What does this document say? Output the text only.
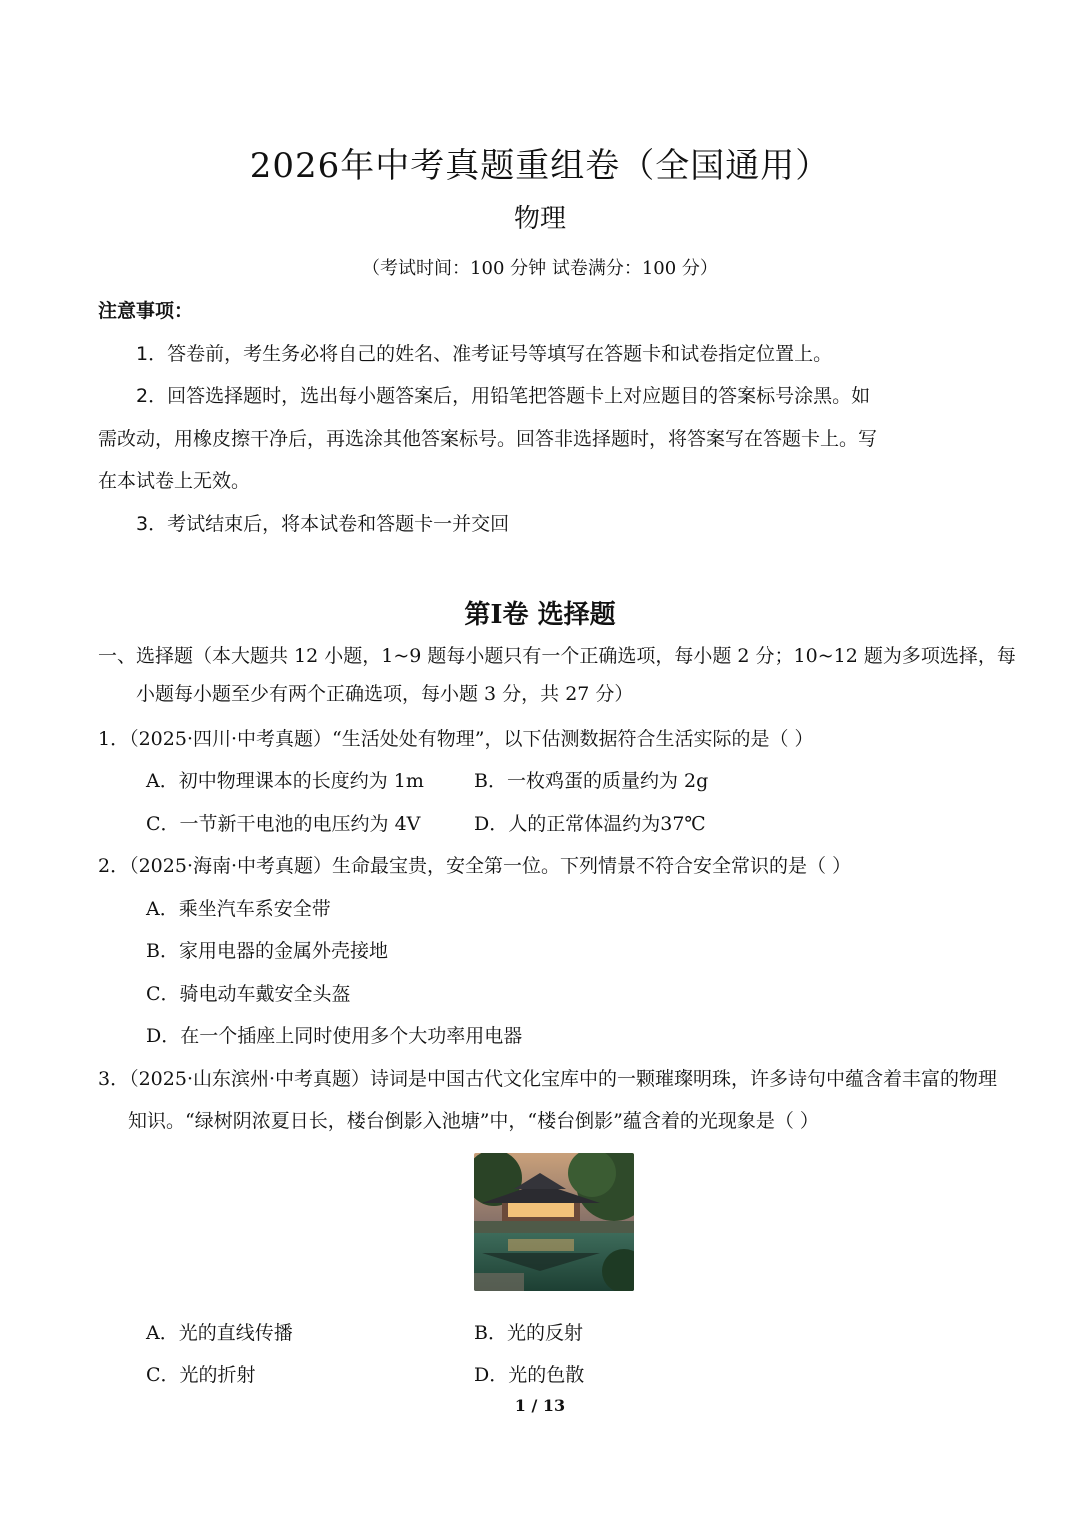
2026年中考真题重组卷（全国通用）
物理
（考试时间：100 分钟 试卷满分：100 分）
注意事项：
1．答卷前，考生务必将自己的姓名、准考证号等填写在答题卡和试卷指定位置上。
2．回答选择题时，选出每小题答案后，用铅笔把答题卡上对应题目的答案标号涂黑。如
需改动，用橡皮擦干净后，再选涂其他答案标号。回答非选择题时，将答案写在答题卡上。写
在本试卷上无效。
3．考试结束后，将本试卷和答题卡一并交回
第I卷 选择题
一、选择题（本大题共 12 小题，1~9 题每小题只有一个正确选项，每小题 2 分；10~12 题为多项选择，每
小题每小题至少有两个正确选项，每小题 3 分，共 27 分）
1．（2025·四川·中考真题）“生活处处有物理”，以下估测数据符合生活实际的是（ ）
A．初中物理课本的长度约为 1m	B．一枚鸡蛋的质量约为 2g
C．一节新干电池的电压约为 4V	D．人的正常体温约为37℃
2．（2025·海南·中考真题）生命最宝贵，安全第一位。下列情景不符合安全常识的是（ ）
A．乘坐汽车系安全带
B．家用电器的金属外壳接地
C．骑电动车戴安全头盔
D．在一个插座上同时使用多个大功率用电器
3．（2025·山东滨州·中考真题）诗词是中国古代文化宝库中的一颗璀璨明珠，许多诗句中蕴含着丰富的物理
知识。“绿树阴浓夏日长，楼台倒影入池塘”中，“楼台倒影”蕴含着的光现象是（ ）
A．光的直线传播	B．光的反射
C．光的折射	D．光的色散
1 / 13
